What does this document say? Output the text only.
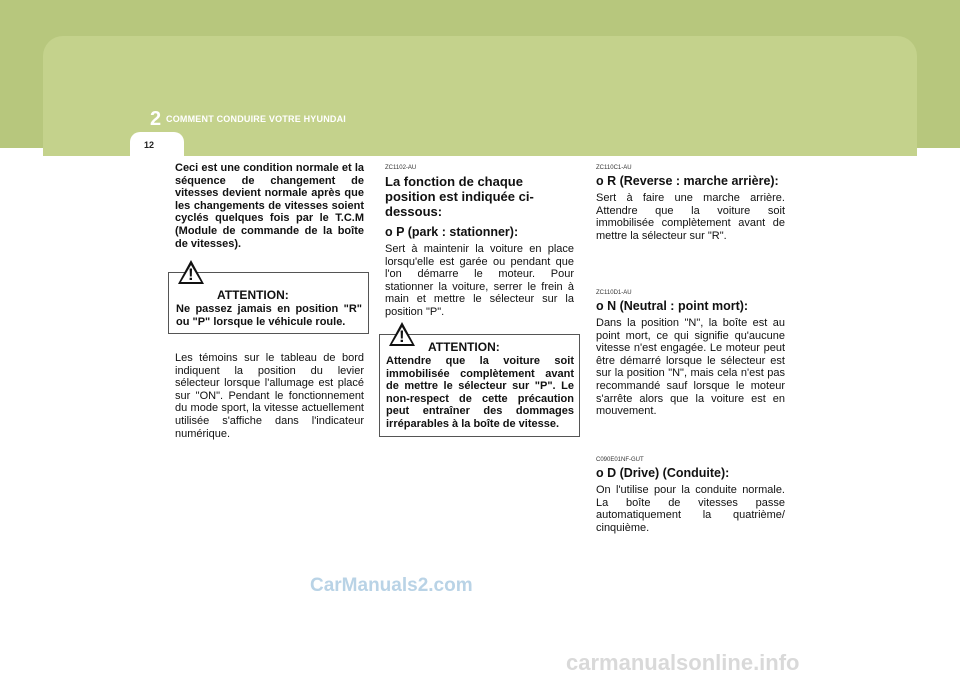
2 COMMENT CONDUIRE VOTRE HYUNDAI
12

Ceci est une condition normale et la séquence de changement de vitesses devient normale après que les changements de vitesses soient cyclés quelques fois par le T.C.M (Module de commande de la boîte de vitesses).

!
ATTENTION:
Ne passez jamais en position "R" ou "P" lorsque le véhicule roule.

Les témoins sur le tableau de bord indiquent la position du levier sélecteur lorsque l'allumage est placé sur "ON". Pendant le fonctionnement du mode sport, la vitesse actuellement utilisée s'affiche dans l'indicateur numérique.

ZC1102-AU
La fonction de chaque position est indiquée ci-dessous:
o P (park : stationner):

Sert à maintenir la voiture en place lorsqu'elle est garée ou pendant que l'on démarre le moteur. Pour stationner la voiture, serrer le frein à main et mettre le sélecteur sur la position "P".

!
ATTENTION:
Attendre que la voiture soit immobilisée complètement avant de mettre le sélecteur sur "P". Le non-respect de cette précaution peut entraîner des dommages irréparables à la boîte de vitesse.
ZC110C1-AU
o R (Reverse : marche arrière):

Sert à faire une marche arrière. Attendre que la voiture soit immobilisée complètement avant de mettre la sélecteur sur "R".

ZC110D1-AU
o N (Neutral : point mort):

Dans la position "N", la boîte est au point mort, ce qui signifie qu'aucune vitesse n'est engagée. Le moteur peut être démarré lorsque le sélecteur est sur la position "N", mais cela n'est pas recommandé sauf lorsque le moteur s'arrête alors que la voiture est en mouvement.

C090E01NF-GUT
o D (Drive) (Conduite):

On l'utilise pour la conduite normale. La boîte de vitesses passe automatiquement la quatrième/ cinquième.

CarManuals2.com
carmanualsonline.info
